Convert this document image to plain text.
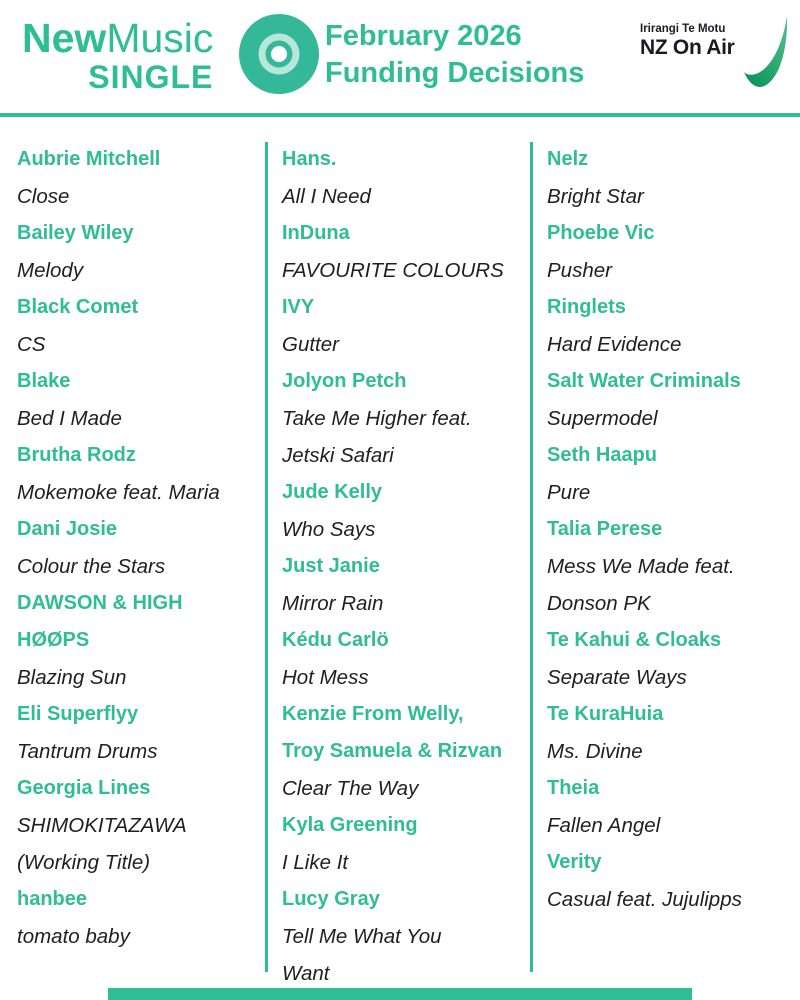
NewMusic
SINGLE
February 2026
Funding Decisions
Irirangi Te Motu
NZ On Air
Aubrie Mitchell
Close
Bailey Wiley
Melody
Black Comet
CS
Blake
Bed I Made
Brutha Rodz
Mokemoke feat. Maria
Dani Josie
Colour the Stars
DAWSON & HIGH
HØØPS
Blazing Sun
Eli Superflyy
Tantrum Drums
Georgia Lines
SHIMOKITAZAWA
(Working Title)
hanbee
tomato baby
Hans.
All I Need
InDuna
FAVOURITE COLOURS
IVY
Gutter
Jolyon Petch
Take Me Higher feat.
Jetski Safari
Jude Kelly
Who Says
Just Janie
Mirror Rain
Kédu Carlö
Hot Mess
Kenzie From Welly,
Troy Samuela & Rizvan
Clear The Way
Kyla Greening
I Like It
Lucy Gray
Tell Me What You
Want
Nelz
Bright Star
Phoebe Vic
Pusher
Ringlets
Hard Evidence
Salt Water Criminals
Supermodel
Seth Haapu
Pure
Talia Perese
Mess We Made feat.
Donson PK
Te Kahui & Cloaks
Separate Ways
Te KuraHuia
Ms. Divine
Theia
Fallen Angel
Verity
Casual feat. Jujulipps
